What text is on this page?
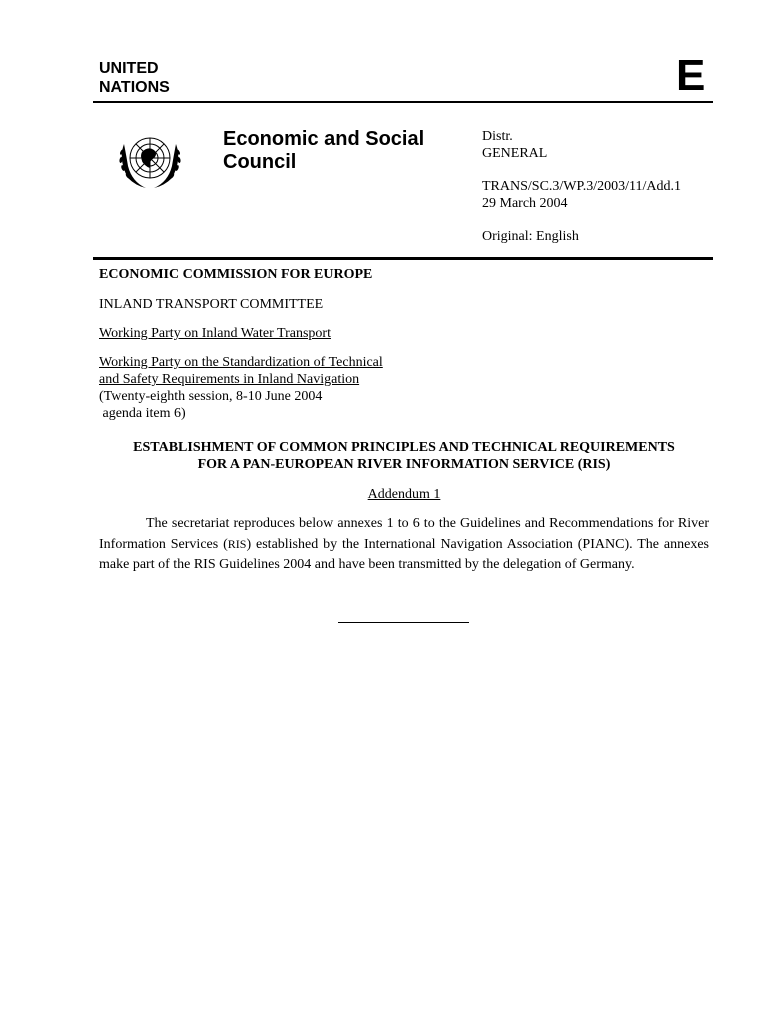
UNITED
NATIONS	E
Economic and Social
Council
Distr.
GENERAL
TRANS/SC.3/WP.3/2003/11/Add.1
29 March 2004
Original: English
ECONOMIC COMMISSION FOR EUROPE
INLAND TRANSPORT COMMITTEE
Working Party on Inland Water Transport
Working Party on the Standardization of Technical
and Safety Requirements in Inland Navigation
(Twenty-eighth session, 8-10 June 2004
agenda item 6)
ESTABLISHMENT OF COMMON PRINCIPLES AND TECHNICAL REQUIREMENTS
FOR A PAN-EUROPEAN RIVER INFORMATION SERVICE (RIS)
Addendum 1
The secretariat reproduces below annexes 1 to 6 to the Guidelines and Recommendations for River Information Services (RIS) established by the International Navigation Association (PIANC). The annexes make part of the RIS Guidelines 2004 and have been transmitted by the delegation of Germany.
